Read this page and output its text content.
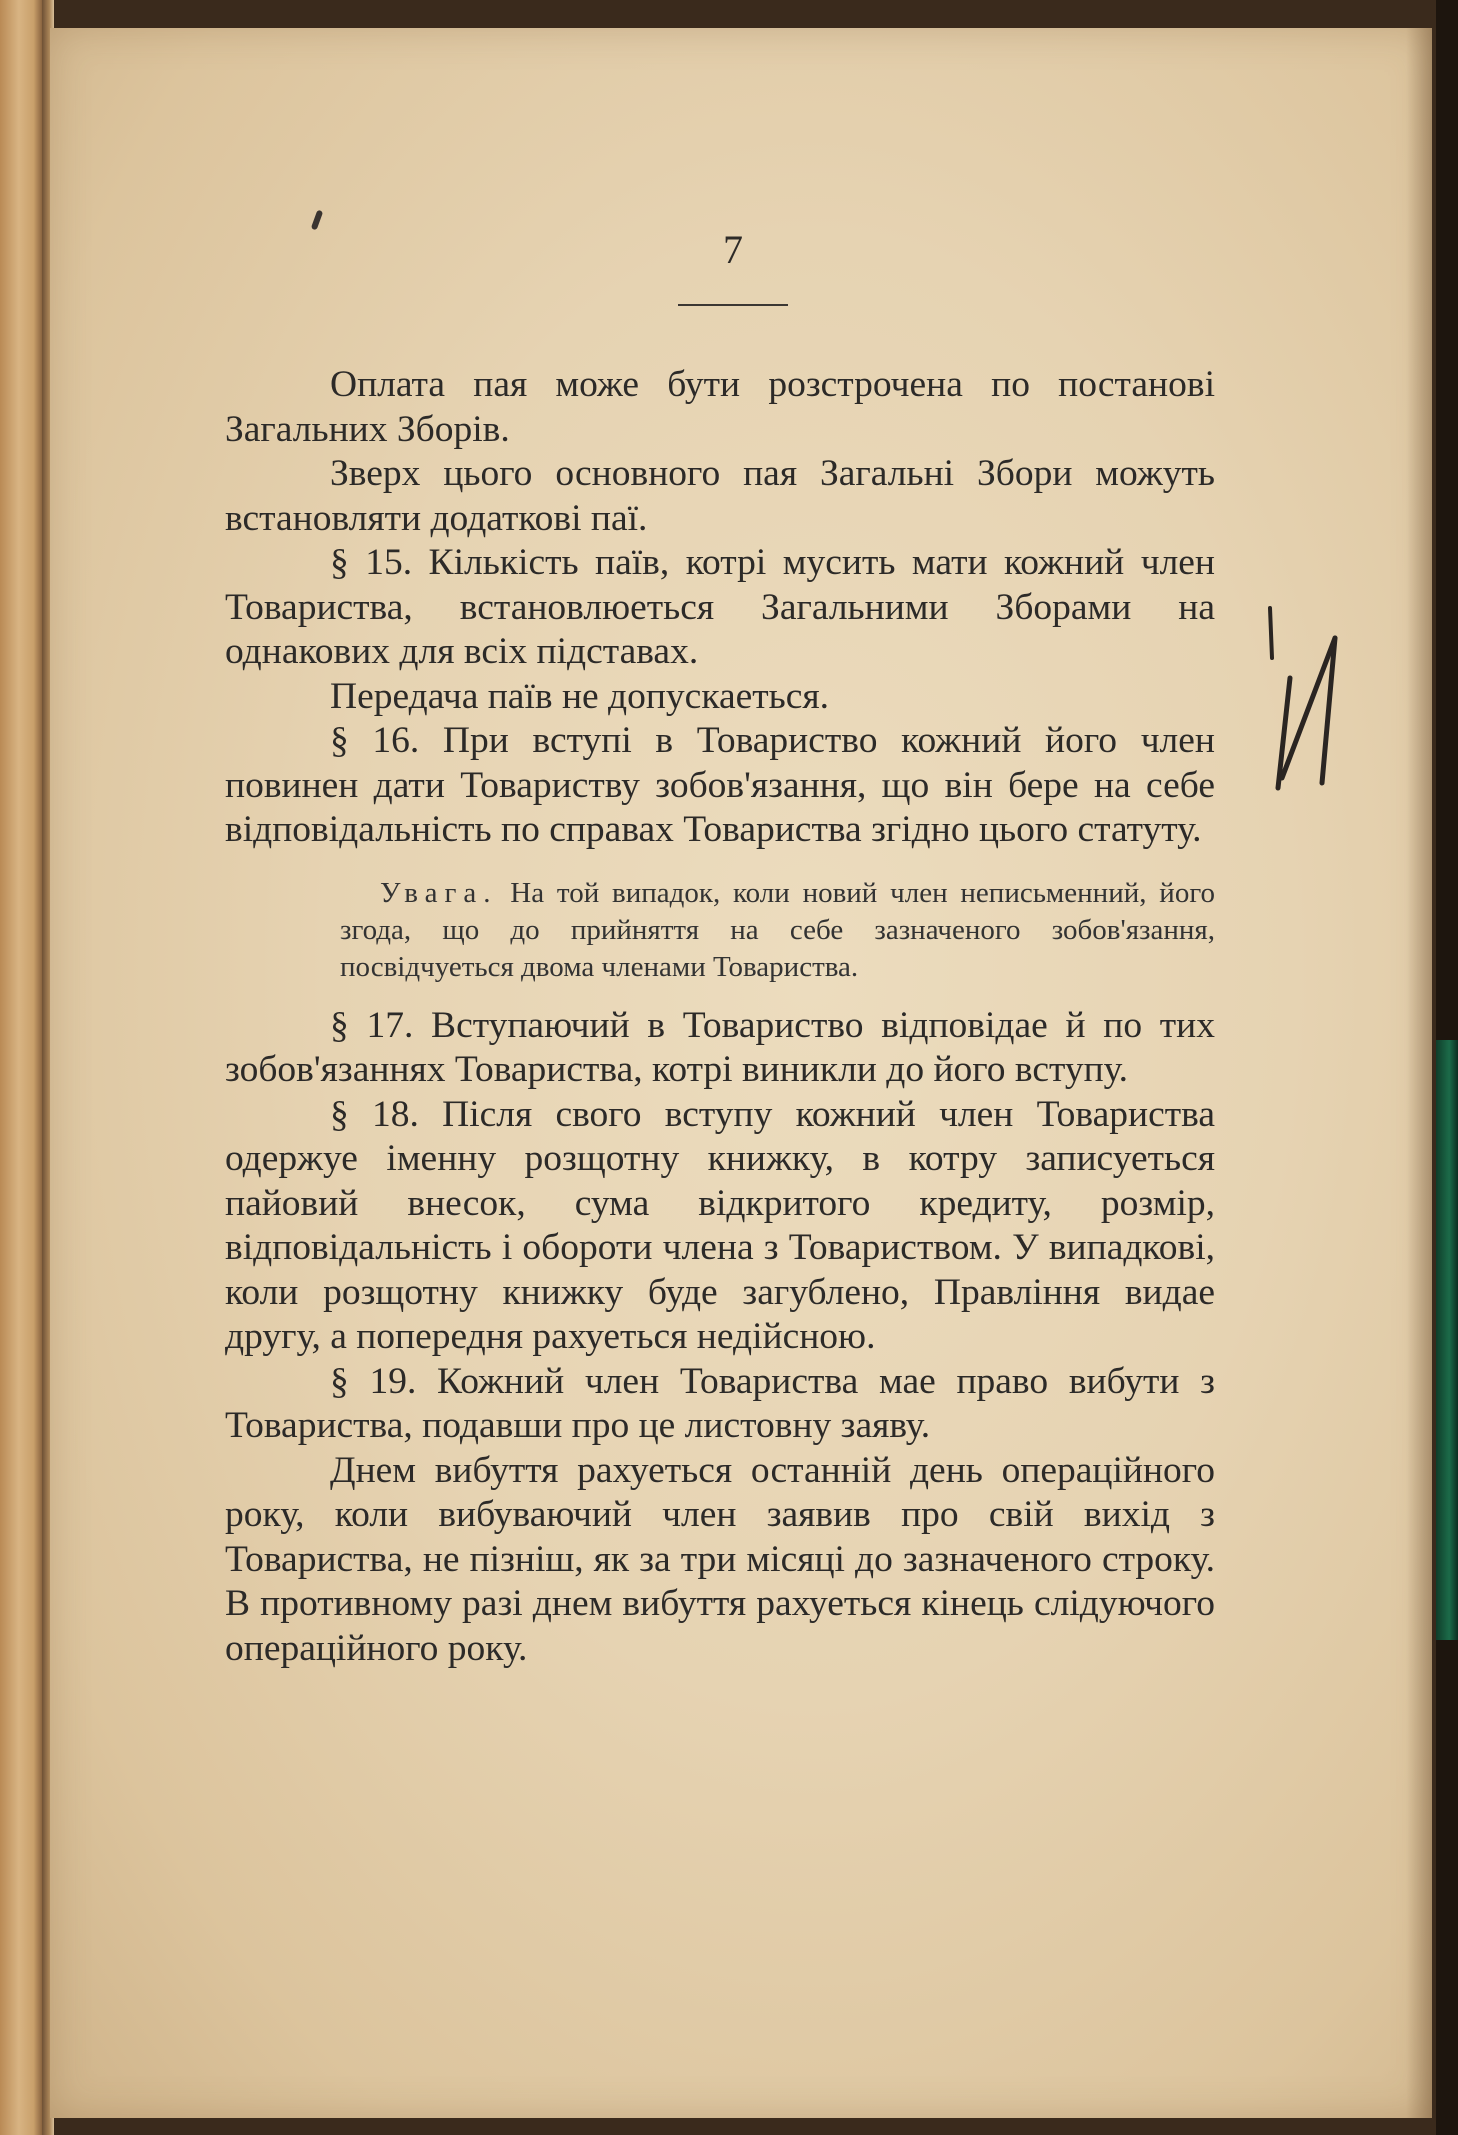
7

Оплата пая може бути розстрочена по постанові Загальних Зборів.

Зверх цього основного пая Загальні Збори можуть встановляти додаткові паї.

§ 15. Кількість паїв, котрі мусить мати кожний член Товариства, встановлюеться Загальними Зборами на однакових для всіх підставах.

Передача паїв не допускаеться.

§ 16. При вступі в Товариство кожний його член повинен дати Товариству зобов'язання, що він бере на себе відповідальність по справах Товариства згідно цього статуту.

Увага. На той випадок, коли новий член неписьменний, його згода, що до прийняття на себе зазначеного зобов'язання, посвідчуеться двома членами Товариства.

§ 17. Вступаючий в Товариство відповідае й по тих зобов'язаннях Товариства, котрі виникли до його вступу.

§ 18. Після свого вступу кожний член Товариства одержуе іменну розщотну книжку, в котру записуеться пайовий внесок, сума відкритого кредиту, розмір, відповідальність і обороти члена з Товариством. У випадкові, коли розщотну книжку буде загублено, Правління видае другу, а попередня рахуеться недійсною.

§ 19. Кожний член Товариства мае право вибути з Товариства, подавши про це листовну заяву.

Днем вибуття рахуеться останній день операційного року, коли вибуваючий член заявив про свій вихід з Товариства, не пізніш, як за три місяці до зазначеного строку. В противному разі днем вибуття рахуеться кінець слідуючого операційного року.
